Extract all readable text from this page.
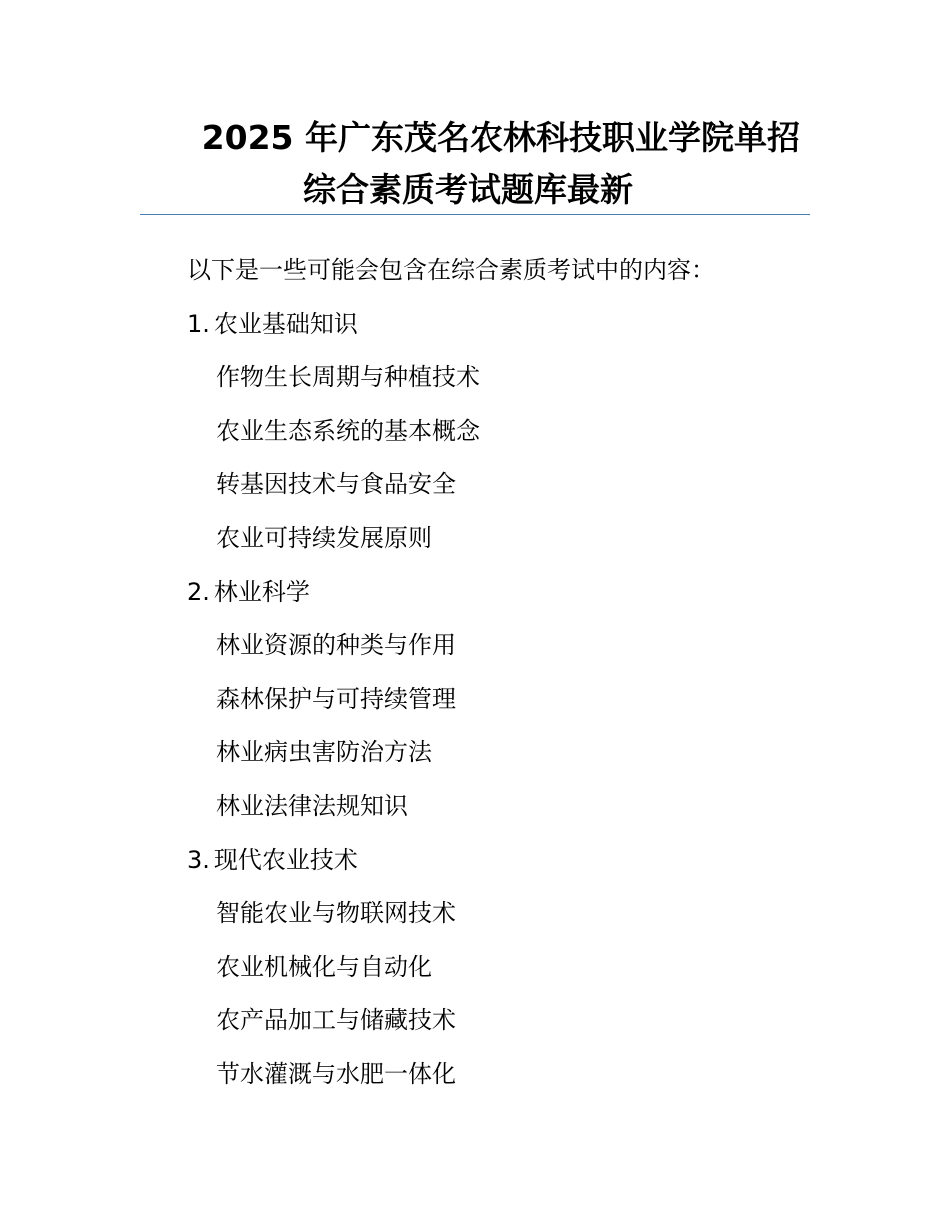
2025 年广东茂名农林科技职业学院单招
综合素质考试题库最新
以下是一些可能会包含在综合素质考试中的内容：
1. 农业基础知识
作物生长周期与种植技术
农业生态系统的基本概念
转基因技术与食品安全
农业可持续发展原则
2. 林业科学
林业资源的种类与作用
森林保护与可持续管理
林业病虫害防治方法
林业法律法规知识
3. 现代农业技术
智能农业与物联网技术
农业机械化与自动化
农产品加工与储藏技术
节水灌溉与水肥一体化
